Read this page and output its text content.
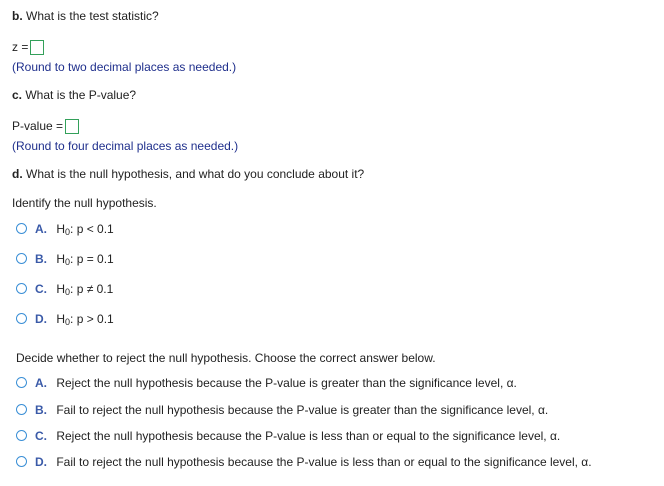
b. What is the test statistic?
z =
(Round to two decimal places as needed.)
c. What is the P-value?
P-value =
(Round to four decimal places as needed.)
d. What is the null hypothesis, and what do you conclude about it?
Identify the null hypothesis.
A. $H_0$: p < 0.1
B. $H_0$: p = 0.1
C. $H_0$: p ≠ 0.1
D. $H_0$: p > 0.1
Decide whether to reject the null hypothesis. Choose the correct answer below.
A. Reject the null hypothesis because the P-value is greater than the significance level, α.
B. Fail to reject the null hypothesis because the P-value is greater than the significance level, α.
C. Reject the null hypothesis because the P-value is less than or equal to the significance level, α.
D. Fail to reject the null hypothesis because the P-value is less than or equal to the significance level, α.
